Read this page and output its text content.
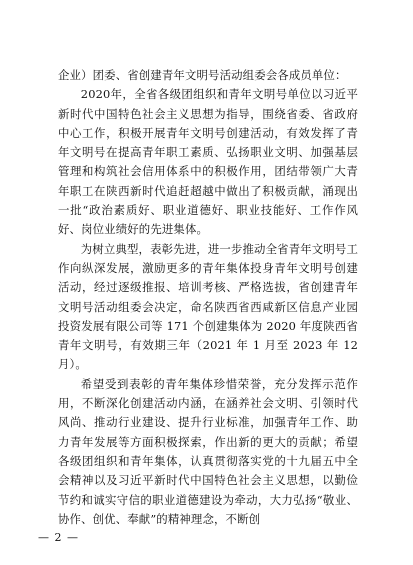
企业）团委、省创建青年文明号活动组委会各成员单位：

2020年，全省各级团组织和青年文明号单位以习近平新时代中国特色社会主义思想为指导，围绕省委、省政府中心工作，积极开展青年文明号创建活动，有效发挥了青年文明号在提高青年职工素质、弘扬职业文明、加强基层管理和构筑社会信用体系中的积极作用，团结带领广大青年职工在陕西新时代追赶超越中做出了积极贡献，涌现出一批“政治素质好、职业道德好、职业技能好、工作作风好、岗位业绩好的先进集体。

为树立典型，表彰先进，进一步推动全省青年文明号工作向纵深发展，激励更多的青年集体投身青年文明号创建活动，经过逐级推报、培训考核、严格选拔，省创建青年文明号活动组委会决定，命名陕西省西咸新区信息产业园投资发展有限公司等 171 个创建集体为 2020 年度陕西省青年文明号，有效期三年（2021 年 1 月至 2023 年 12 月）。

希望受到表彰的青年集体珍惜荣誉，充分发挥示范作用，不断深化创建活动内涵，在涵养社会文明、引领时代风尚、推动行业建设、提升行业标准，加强青年工作、助力青年发展等方面积极探索，作出新的更大的贡献；希望各级团组织和青年集体，认真贯彻落实党的十九届五中全会精神以及习近平新时代中国特色社会主义思想，以勤俭节约和诚实守信的职业道德建设为牵动，大力弘扬“敬业、协作、创优、奉献”的精神理念，不断创

— 2 —
